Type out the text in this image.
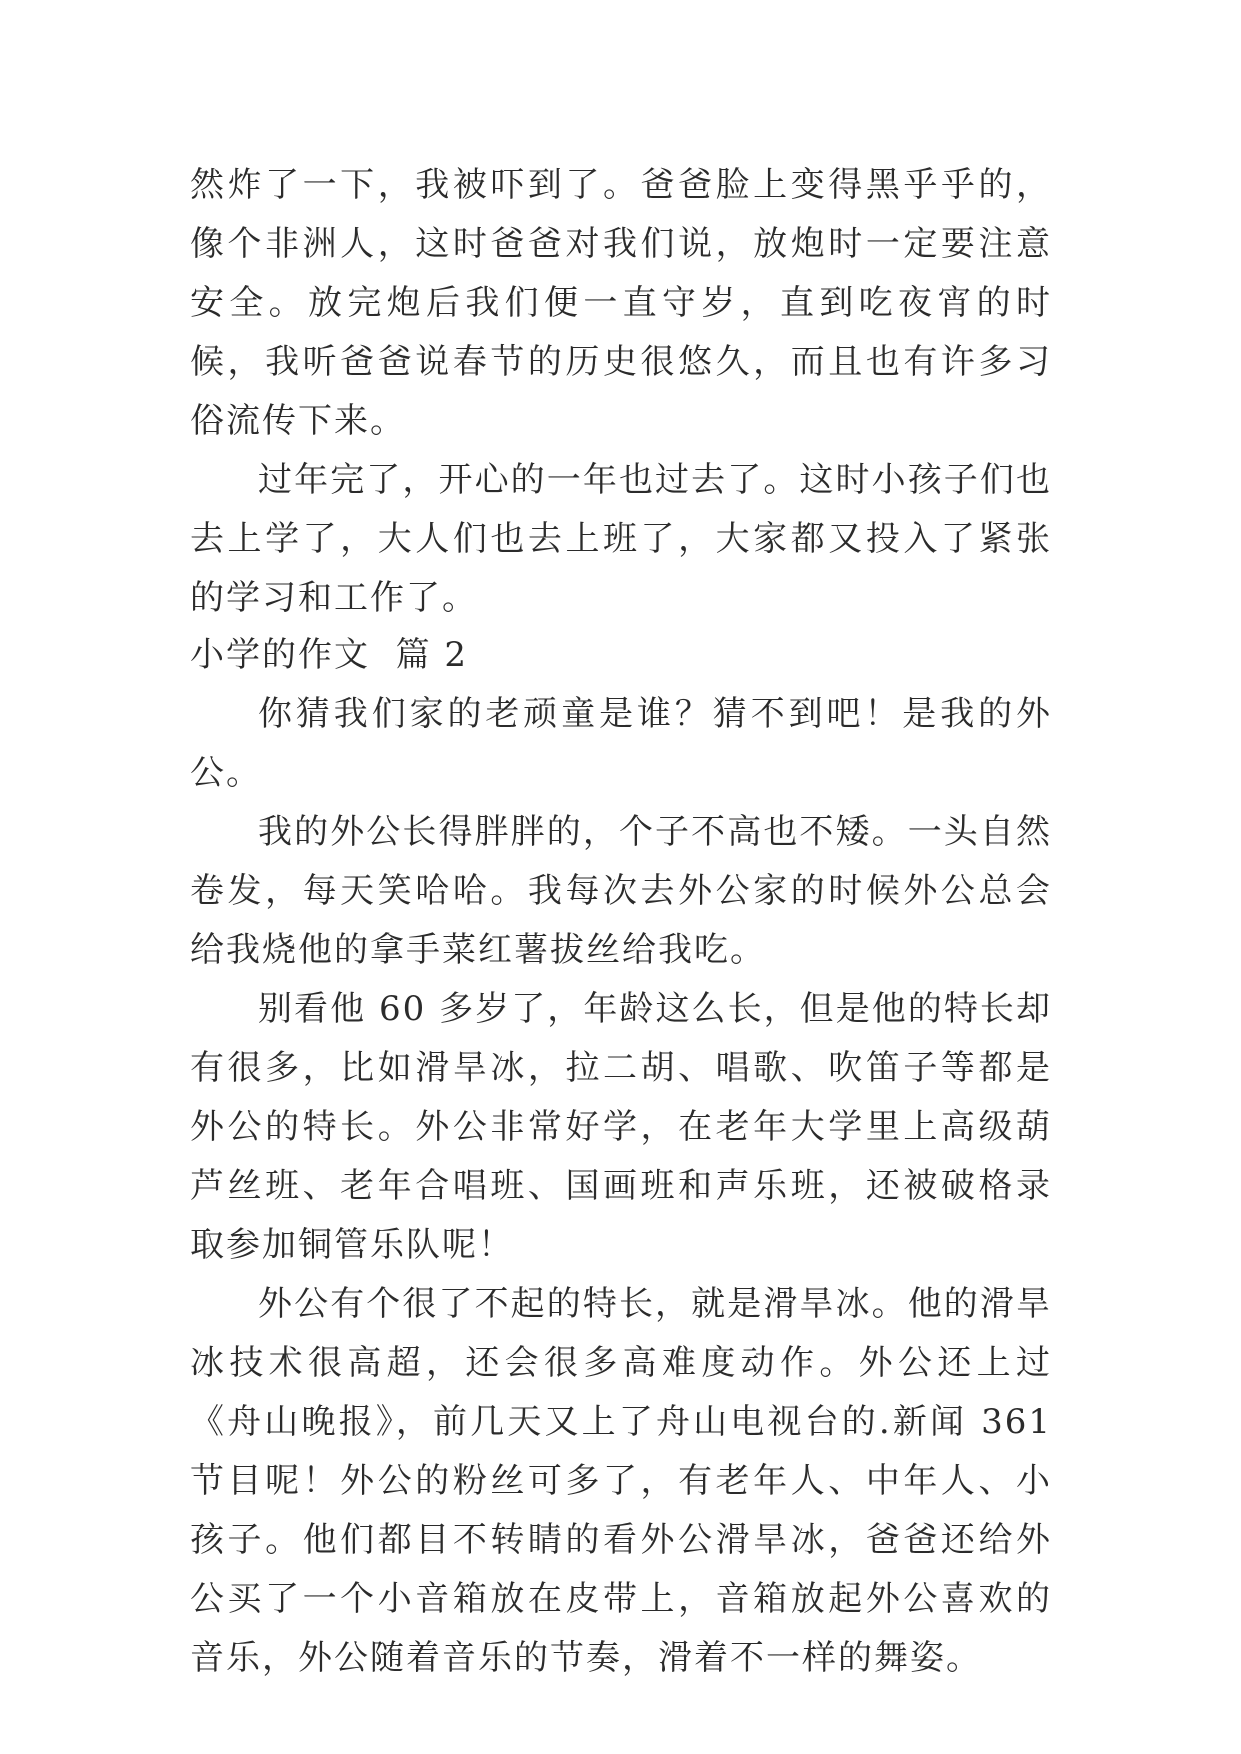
然炸了一下，我被吓到了。爸爸脸上变得黑乎乎的，像个非洲人，这时爸爸对我们说，放炮时一定要注意安全。放完炮后我们便一直守岁，直到吃夜宵的时候，我听爸爸说春节的历史很悠久，而且也有许多习俗流传下来。

过年完了，开心的一年也过去了。这时小孩子们也去上学了，大人们也去上班了，大家都又投入了紧张的学习和工作了。

小学的作文  篇 2

你猜我们家的老顽童是谁？猜不到吧！是我的外公。

我的外公长得胖胖的，个子不高也不矮。一头自然卷发，每天笑哈哈。我每次去外公家的时候外公总会给我烧他的拿手菜红薯拔丝给我吃。

别看他 60 多岁了，年龄这么长，但是他的特长却有很多，比如滑旱冰，拉二胡、唱歌、吹笛子等都是外公的特长。外公非常好学，在老年大学里上高级葫芦丝班、老年合唱班、国画班和声乐班，还被破格录取参加铜管乐队呢！

外公有个很了不起的特长，就是滑旱冰。他的滑旱冰技术很高超，还会很多高难度动作。外公还上过《舟山晚报》，前几天又上了舟山电视台的.新闻 361 节目呢！外公的粉丝可多了，有老年人、中年人、小孩子。他们都目不转睛的看外公滑旱冰，爸爸还给外公买了一个小音箱放在皮带上，音箱放起外公喜欢的音乐，外公随着音乐的节奏，滑着不一样的舞姿。
